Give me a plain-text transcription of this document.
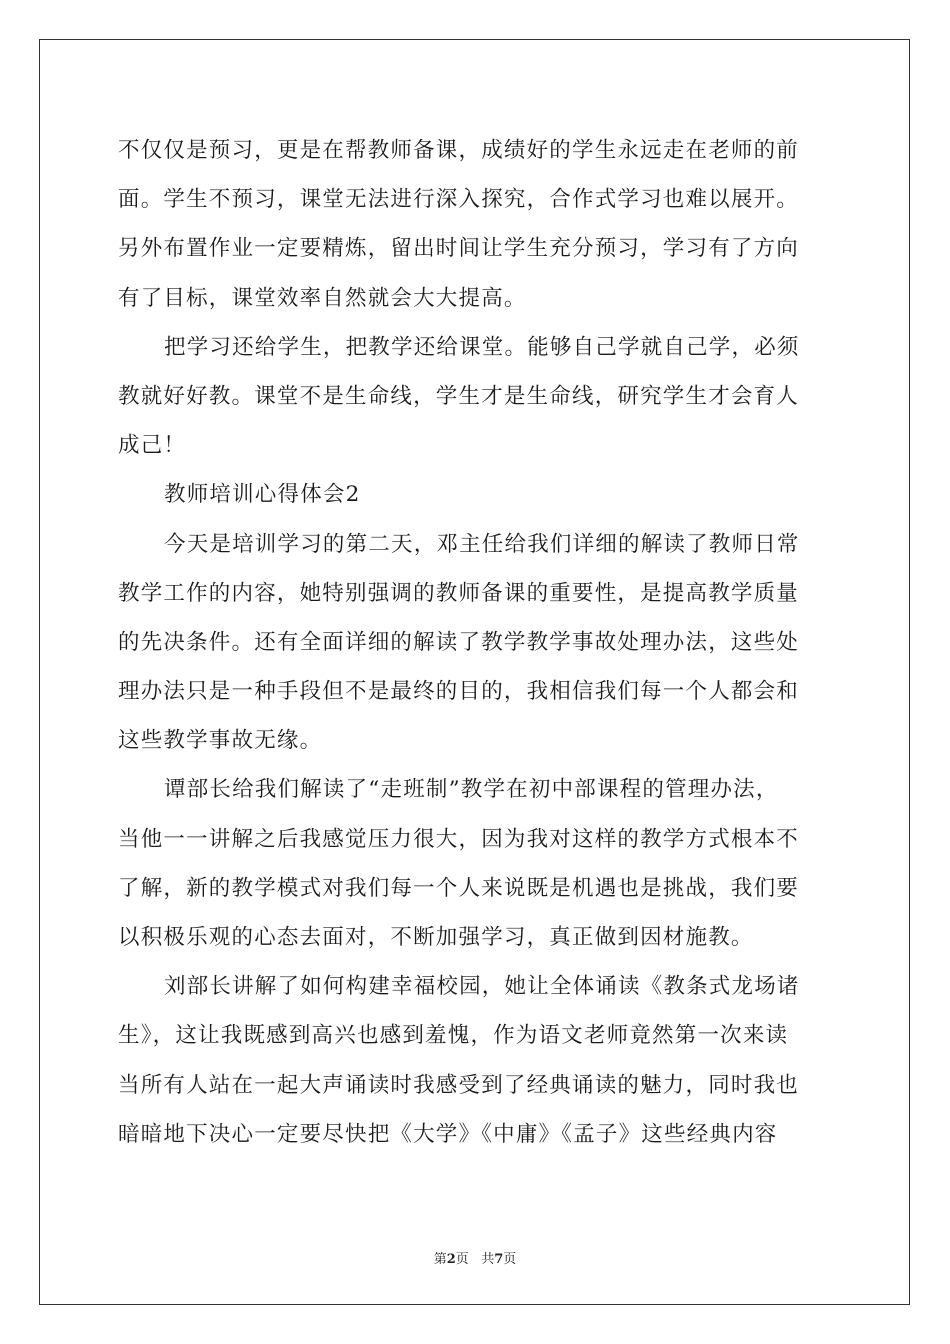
不仅仅是预习，更是在帮教师备课，成绩好的学生永远走在老师的前
面。学生不预习，课堂无法进行深入探究，合作式学习也难以展开。
另外布置作业一定要精炼，留出时间让学生充分预习，学习有了方向
有了目标，课堂效率自然就会大大提高。
把学习还给学生，把教学还给课堂。能够自己学就自己学，必须
教就好好教。课堂不是生命线，学生才是生命线，研究学生才会育人
成己！
教师培训心得体会2
今天是培训学习的第二天，邓主任给我们详细的解读了教师日常
教学工作的内容，她特别强调的教师备课的重要性，是提高教学质量
的先决条件。还有全面详细的解读了教学教学事故处理办法，这些处
理办法只是一种手段但不是最终的目的，我相信我们每一个人都会和
这些教学事故无缘。
谭部长给我们解读了“走班制”教学在初中部课程的管理办法，
当他一一讲解之后我感觉压力很大，因为我对这样的教学方式根本不
了解，新的教学模式对我们每一个人来说既是机遇也是挑战，我们要
以积极乐观的心态去面对，不断加强学习，真正做到因材施教。
刘部长讲解了如何构建幸福校园，她让全体诵读《教条式龙场诸
生》，这让我既感到高兴也感到羞愧，作为语文老师竟然第一次来读
当所有人站在一起大声诵读时我感受到了经典诵读的魅力，同时我也
暗暗地下决心一定要尽快把《大学》《中庸》《孟子》这些经典内容
第2页 共7页
